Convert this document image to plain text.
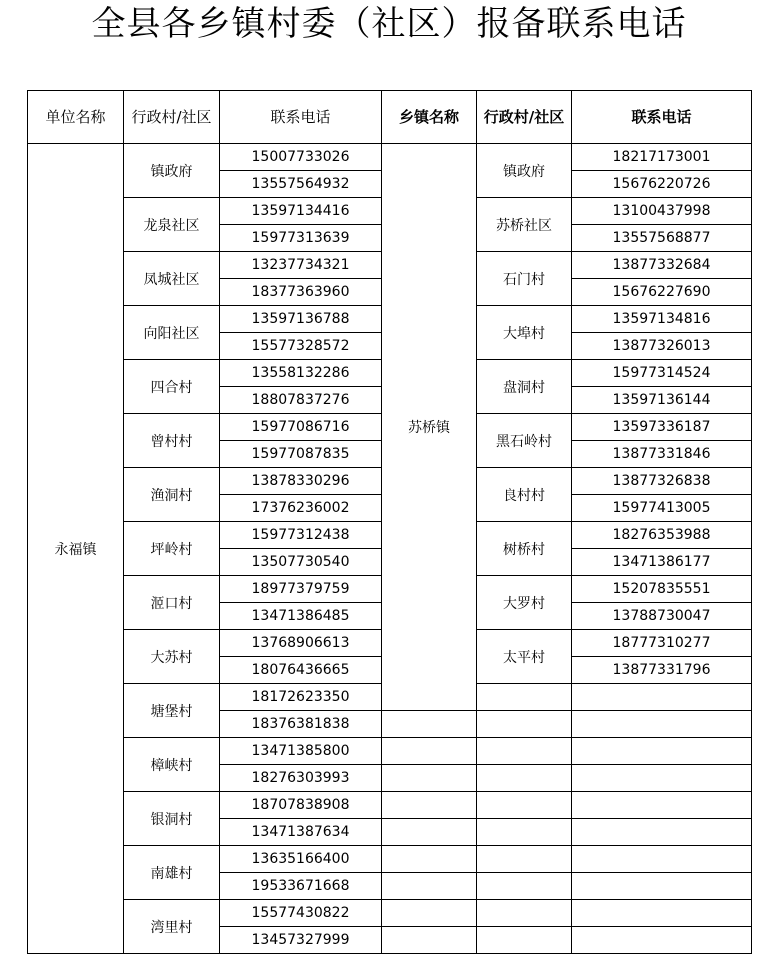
全县各乡镇村委（社区）报备联系电话
单位名称	行政村/社区	联系电话	乡镇名称	行政村/社区	联系电话
永福镇	镇政府	15007733026	苏桥镇	镇政府	18217173001
		13557564932			15676220726
	龙泉社区	13597134416		苏桥社区	13100437998
		15977313639			13557568877
	凤城社区	13237734321		石门村	13877332684
		18377363960			15676227690
	向阳社区	13597136788		大埠村	13597134816
		15577328572			13877326013
	四合村	13558132286		盘洞村	15977314524
		18807837276			13597136144
	曾村村	15977086716		黑石岭村	13597336187
		15977087835			13877331846
	渔洞村	13878330296		良村村	13877326838
		17376236002			15977413005
	坪岭村	15977312438		树桥村	18276353988
		13507730540			13471386177
	洍口村	18977379759		大罗村	15207835551
		13471386485			13788730047
	大苏村	13768906613		太平村	18777310277
		18076436665			13877331796
	塘堡村	18172623350			
		18376381838			
	樟峡村	13471385800			
		18276303993			
	银洞村	18707838908			
		13471387634			
	南雄村	13635166400			
		19533671668			
	湾里村	15577430822			
		13457327999			
